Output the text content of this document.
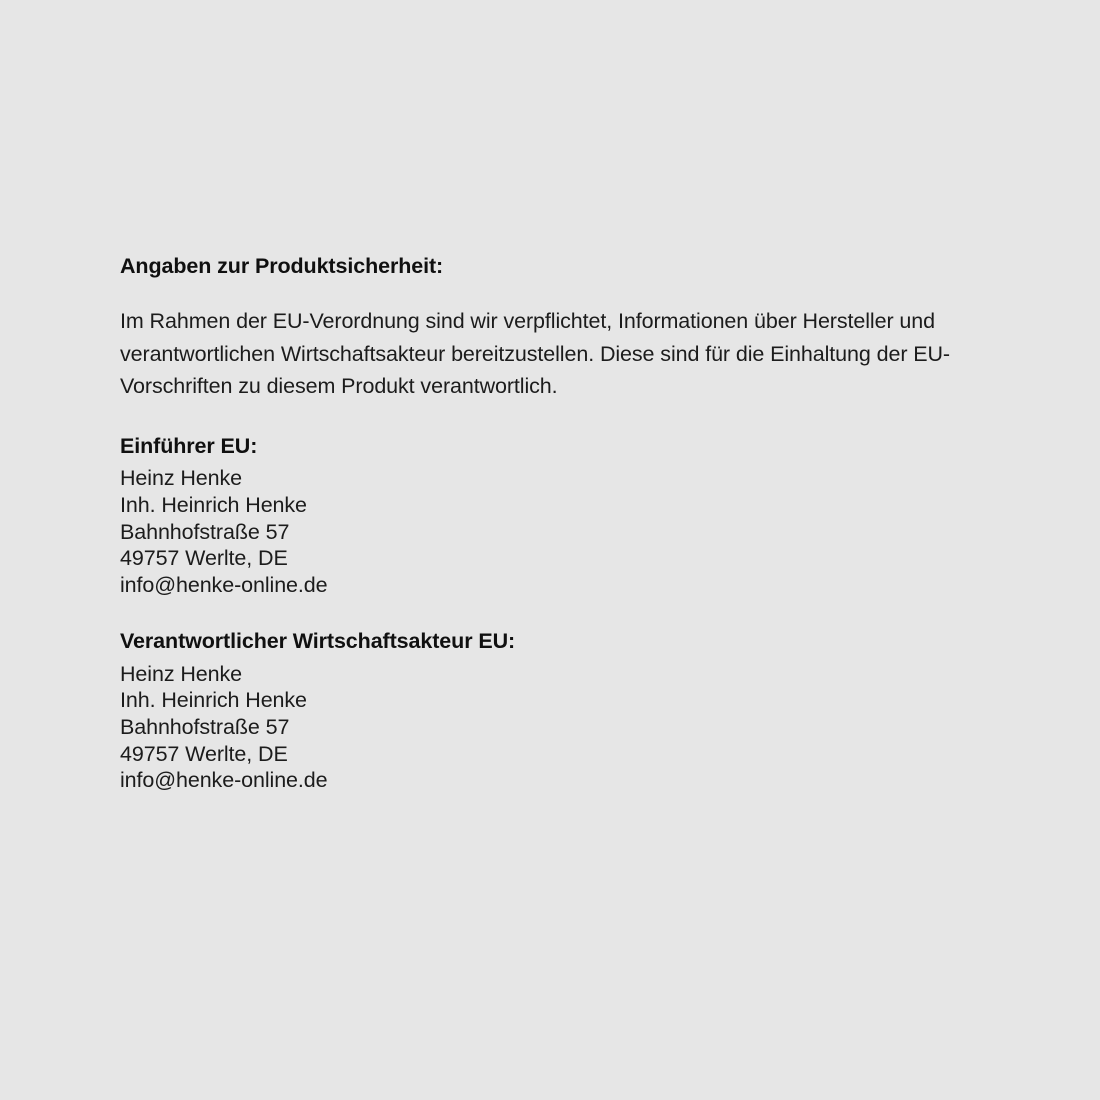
Angaben zur Produktsicherheit:

Im Rahmen der EU-Verordnung sind wir verpflichtet, Informationen über Hersteller und verantwortlichen Wirtschaftsakteur bereitzustellen. Diese sind für die Einhaltung der EU-Vorschriften zu diesem Produkt verantwortlich.

Einführer EU:

Heinz Henke

Inh. Heinrich Henke

Bahnhofstraße 57

49757 Werlte, DE

info@henke-online.de

Verantwortlicher Wirtschaftsakteur EU:

Heinz Henke

Inh. Heinrich Henke

Bahnhofstraße 57

49757 Werlte, DE

info@henke-online.de
